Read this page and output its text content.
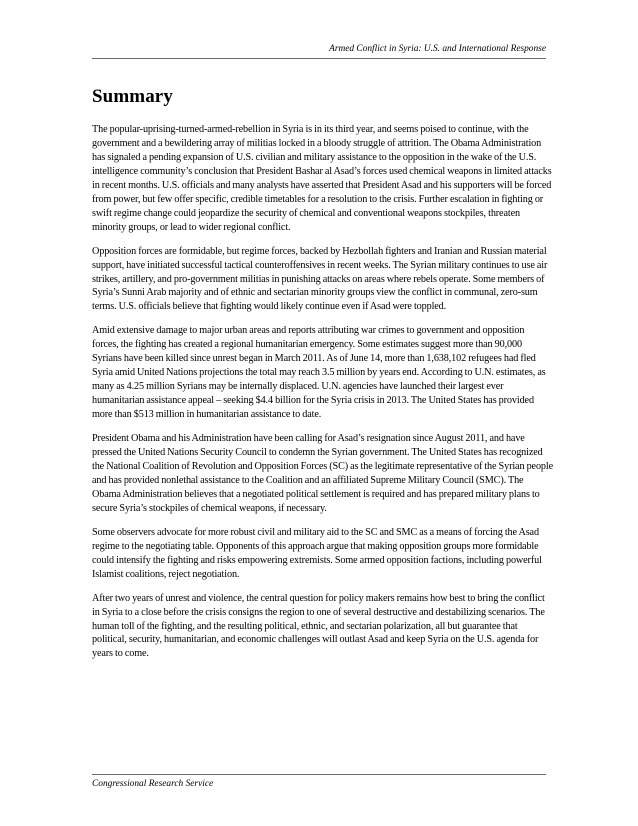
Armed Conflict in Syria: U.S. and International Response
Summary

The popular-uprising-turned-armed-rebellion in Syria is in its third year, and seems poised to continue, with the government and a bewildering array of militias locked in a bloody struggle of attrition. The Obama Administration has signaled a pending expansion of U.S. civilian and military assistance to the opposition in the wake of the U.S. intelligence community’s conclusion that President Bashar al Asad’s forces used chemical weapons in limited attacks in recent months. U.S. officials and many analysts have asserted that President Asad and his supporters will be forced from power, but few offer specific, credible timetables for a resolution to the crisis. Further escalation in fighting or swift regime change could jeopardize the security of chemical and conventional weapons stockpiles, threaten minority groups, or lead to wider regional conflict.

Opposition forces are formidable, but regime forces, backed by Hezbollah fighters and Iranian and Russian material support, have initiated successful tactical counteroffensives in recent weeks. The Syrian military continues to use air strikes, artillery, and pro-government militias in punishing attacks on areas where rebels operate. Some members of Syria’s Sunni Arab majority and of ethnic and sectarian minority groups view the conflict in communal, zero-sum terms. U.S. officials believe that fighting would likely continue even if Asad were toppled.

Amid extensive damage to major urban areas and reports attributing war crimes to government and opposition forces, the fighting has created a regional humanitarian emergency. Some estimates suggest more than 90,000 Syrians have been killed since unrest began in March 2011. As of June 14, more than 1,638,102 refugees had fled Syria amid United Nations projections the total may reach 3.5 million by years end. According to U.N. estimates, as many as 4.25 million Syrians may be internally displaced. U.N. agencies have launched their largest ever humanitarian assistance appeal – seeking $4.4 billion for the Syria crisis in 2013. The United States has provided more than $513 million in humanitarian assistance to date.

President Obama and his Administration have been calling for Asad’s resignation since August 2011, and have pressed the United Nations Security Council to condemn the Syrian government. The United States has recognized the National Coalition of Revolution and Opposition Forces (SC) as the legitimate representative of the Syrian people and has provided nonlethal assistance to the Coalition and an affiliated Supreme Military Council (SMC). The Obama Administration believes that a negotiated political settlement is required and has prepared military plans to secure Syria’s stockpiles of chemical weapons, if necessary.

Some observers advocate for more robust civil and military aid to the SC and SMC as a means of forcing the Asad regime to the negotiating table. Opponents of this approach argue that making opposition groups more formidable could intensify the fighting and risks empowering extremists. Some armed opposition factions, including powerful Islamist coalitions, reject negotiation.

After two years of unrest and violence, the central question for policy makers remains how best to bring the conflict in Syria to a close before the crisis consigns the region to one of several destructive and destabilizing scenarios. The human toll of the fighting, and the resulting political, ethnic, and sectarian polarization, all but guarantee that political, security, humanitarian, and economic challenges will outlast Asad and keep Syria on the U.S. agenda for years to come.

Congressional Research Service
